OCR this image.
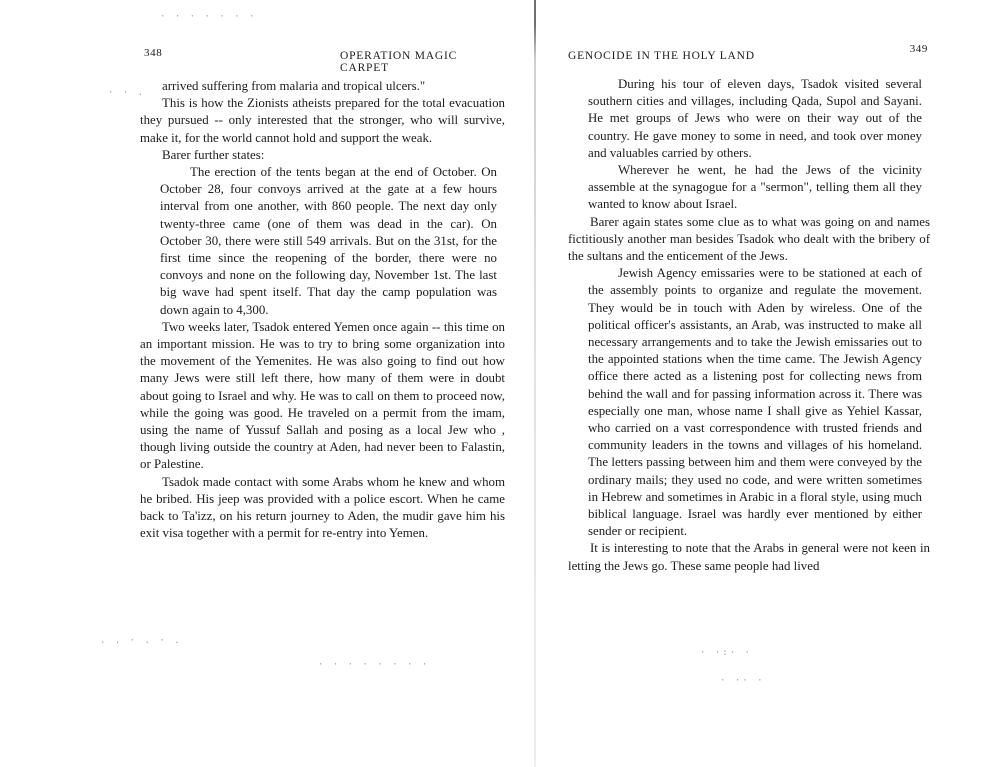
· · · · · · ·
· · .
. . · . · .
· · · · · · · ·
· ·:· ·
· ·· ·
348	OPERATION MAGIC CARPET

arrived suffering from malaria and tropical ulcers."

This is how the Zionists atheists prepared for the total evacuation they pursued -- only interested that the stronger, who will survive, make it, for the world cannot hold and support the weak.

Barer further states:

The erection of the tents began at the end of October. On October 28, four convoys arrived at the gate at a few hours interval from one another, with 860 people. The next day only twenty-three came (one of them was dead in the car). On October 30, there were still 549 arrivals. But on the 31st, for the first time since the reopening of the border, there were no convoys and none on the following day, November 1st. The last big wave had spent itself. That day the camp population was down again to 4,300.

Two weeks later, Tsadok entered Yemen once again -- this time on an important mission. He was to try to bring some organization into the movement of the Yemenites. He was also going to find out how many Jews were still left there, how many of them were in doubt about going to Israel and why. He was to call on them to proceed now, while the going was good. He traveled on a permit from the imam, using the name of Yussuf Sallah and posing as a local Jew who , though living outside the country at Aden, had never been to Falastin, or Palestine.

Tsadok made contact with some Arabs whom he knew and whom he bribed. His jeep was provided with a police escort. When he came back to Ta'izz, on his return journey to Aden, the mudir gave him his exit visa together with a permit for re-entry into Yemen.

GENOCIDE IN THE HOLY LAND
349

During his tour of eleven days, Tsadok visited several southern cities and villages, including Qada, Supol and Sayani. He met groups of Jews who were on their way out of the country. He gave money to some in need, and took over money and valuables carried by others.

Wherever he went, he had the Jews of the vicinity assemble at the synagogue for a "sermon", telling them all they wanted to know about Israel.

Barer again states some clue as to what was going on and names fictitiously another man besides Tsadok who dealt with the bribery of the sultans and the enticement of the Jews.

Jewish Agency emissaries were to be stationed at each of the assembly points to organize and regulate the movement. They would be in touch with Aden by wireless. One of the political officer's assistants, an Arab, was instructed to make all necessary arrangements and to take the Jewish emissaries out to the appointed stations when the time came. The Jewish Agency office there acted as a listening post for collecting news from behind the wall and for passing information across it. There was especially one man, whose name I shall give as Yehiel Kassar, who carried on a vast correspondence with trusted friends and community leaders in the towns and villages of his homeland. The letters passing between him and them were conveyed by the ordinary mails; they used no code, and were written sometimes in Hebrew and sometimes in Arabic in a floral style, using much biblical language. Israel was hardly ever mentioned by either sender or recipient.

It is interesting to note that the Arabs in general were not keen in letting the Jews go. These same people had lived
